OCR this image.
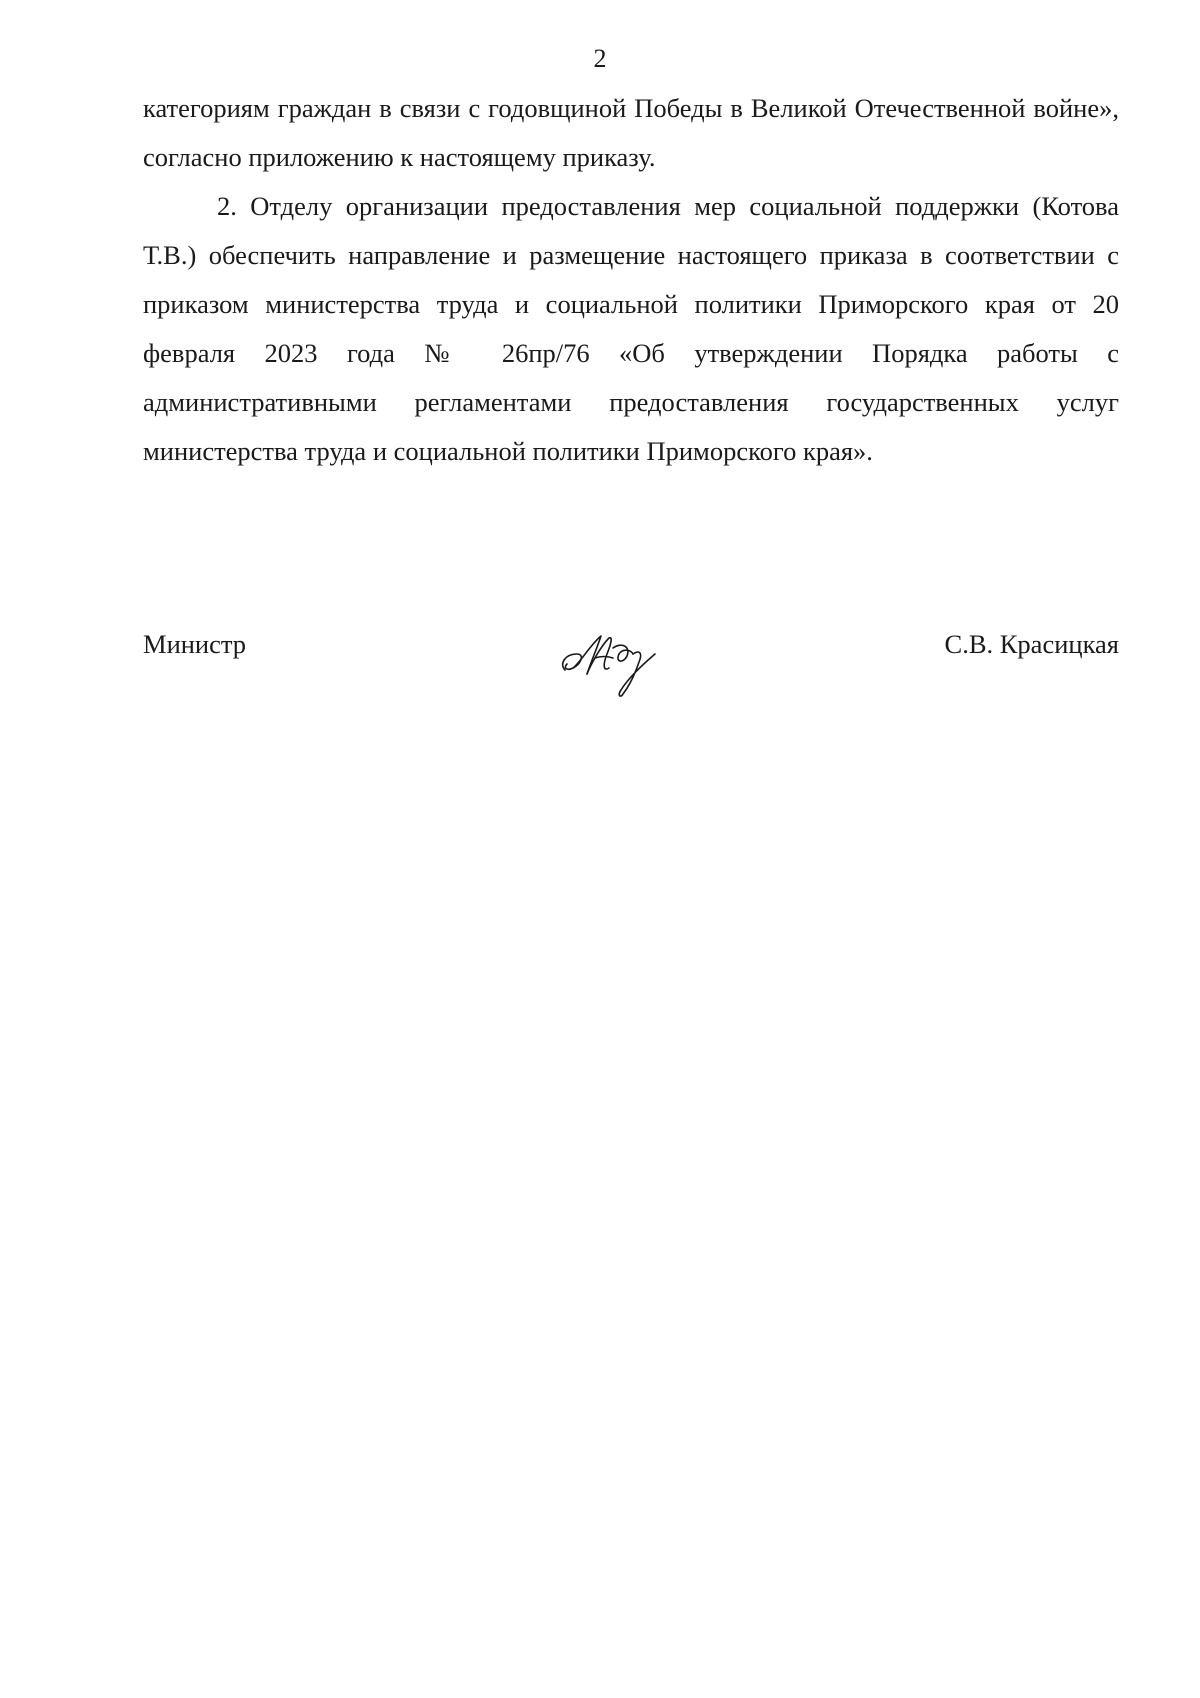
2

категориям граждан в связи с годовщиной Победы в Великой Отечественной войне», согласно приложению к настоящему приказу.

2. Отделу организации предоставления мер социальной поддержки (Котова Т.В.) обеспечить направление и размещение настоящего приказа в соответствии с приказом министерства труда и социальной политики Приморского края от 20 февраля 2023 года № 26пр/76 «Об утверждении Порядка работы с административными регламентами предоставления государственных услуг министерства труда и социальной политики Приморского края».

Министр	С.В. Красицкая
